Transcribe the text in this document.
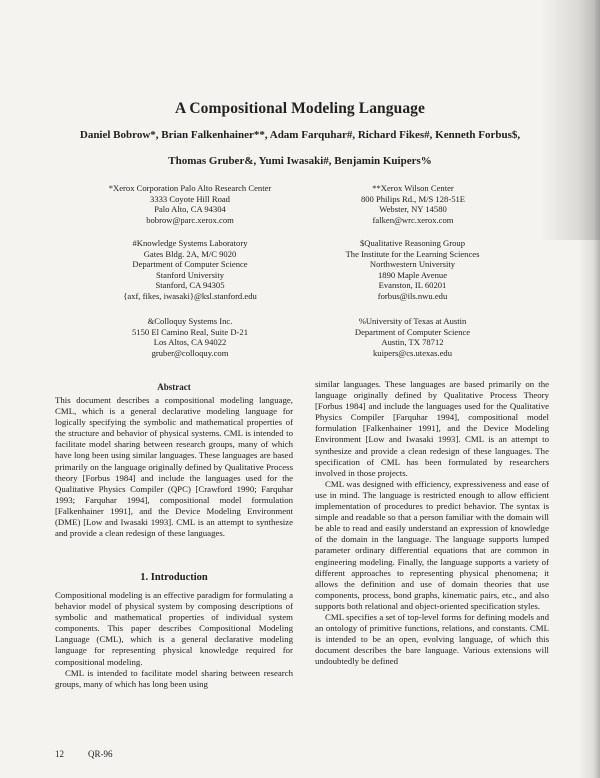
A Compositional Modeling Language
Daniel Bobrow*, Brian Falkenhainer**, Adam Farquhar#, Richard Fikes#, Kenneth Forbus$,
Thomas Gruber&, Yumi Iwasaki#, Benjamin Kuipers%
*Xerox Corporation Palo Alto Research Center
3333 Coyote Hill Road
Palo Alto, CA 94304
bobrow@parc.xerox.com
**Xerox Wilson Center
800 Philips Rd., M/S 128-51E
Webster, NY 14580
falken@wrc.xerox.com
#Knowledge Systems Laboratory
Gates Bldg. 2A, M/C 9020
Department of Computer Science
Stanford University
Stanford, CA 94305
{axf, fikes, iwasaki}@ksl.stanford.edu
$Qualitative Reasoning Group
The Institute for the Learning Sciences
Northwestern University
1890 Maple Avenue
Evanston, IL 60201
forbus@ils.nwu.edu
&Colloquy Systems Inc.
5150 El Camino Real, Suite D-21
Los Altos, CA 94022
gruber@colloquy.com
%University of Texas at Austin
Department of Computer Science
Austin, TX 78712
kuipers@cs.utexas.edu
Abstract

This document describes a compositional modeling language, CML, which is a general declarative modeling language for logically specifying the symbolic and mathematical properties of the structure and behavior of physical systems. CML is intended to facilitate model sharing between research groups, many of which have long been using similar languages. These languages are based primarily on the language originally defined by Qualitative Process theory [Forbus 1984] and include the languages used for the Qualitative Physics Compiler (QPC) [Crawford 1990; Farquhar 1993; Farquhar 1994], compositional model formulation [Falkenhainer 1991], and the Device Modeling Environment (DME) [Low and Iwasaki 1993]. CML is an attempt to synthesize and provide a clean redesign of these languages.

1. Introduction

Compositional modeling is an effective paradigm for formulating a behavior model of physical system by composing descriptions of symbolic and mathematical properties of individual system components. This paper describes Compositional Modeling Language (CML), which is a general declarative modeling language for representing physical knowledge required for compositional modeling.

CML is intended to facilitate model sharing between research groups, many of which has long been using

similar languages. These languages are based primarily on the language originally defined by Qualitative Process Theory [Forbus 1984] and include the languages used for the Qualitative Physics Compiler [Farquhar 1994], compositional model formulation [Falkenhainer 1991], and the Device Modeling Environment [Low and Iwasaki 1993]. CML is an attempt to synthesize and provide a clean redesign of these languages. The specification of CML has been formulated by researchers involved in those projects.

CML was designed with efficiency, expressiveness and ease of use in mind. The language is restricted enough to allow efficient implementation of procedures to predict behavior. The syntax is simple and readable so that a person familiar with the domain will be able to read and easily understand an expression of knowledge of the domain in the language. The language supports lumped parameter ordinary differential equations that are common in engineering modeling. Finally, the language supports a variety of different approaches to representing physical phenomena; it allows the definition and use of domain theories that use components, process, bond graphs, kinematic pairs, etc., and also supports both relational and object-oriented specification styles.

CML specifies a set of top-level forms for defining models and an ontology of primitive functions, relations, and constants. CML is intended to be an open, evolving language, of which this document describes the bare language. Various extensions will undoubtedly be defined

12	QR-96
